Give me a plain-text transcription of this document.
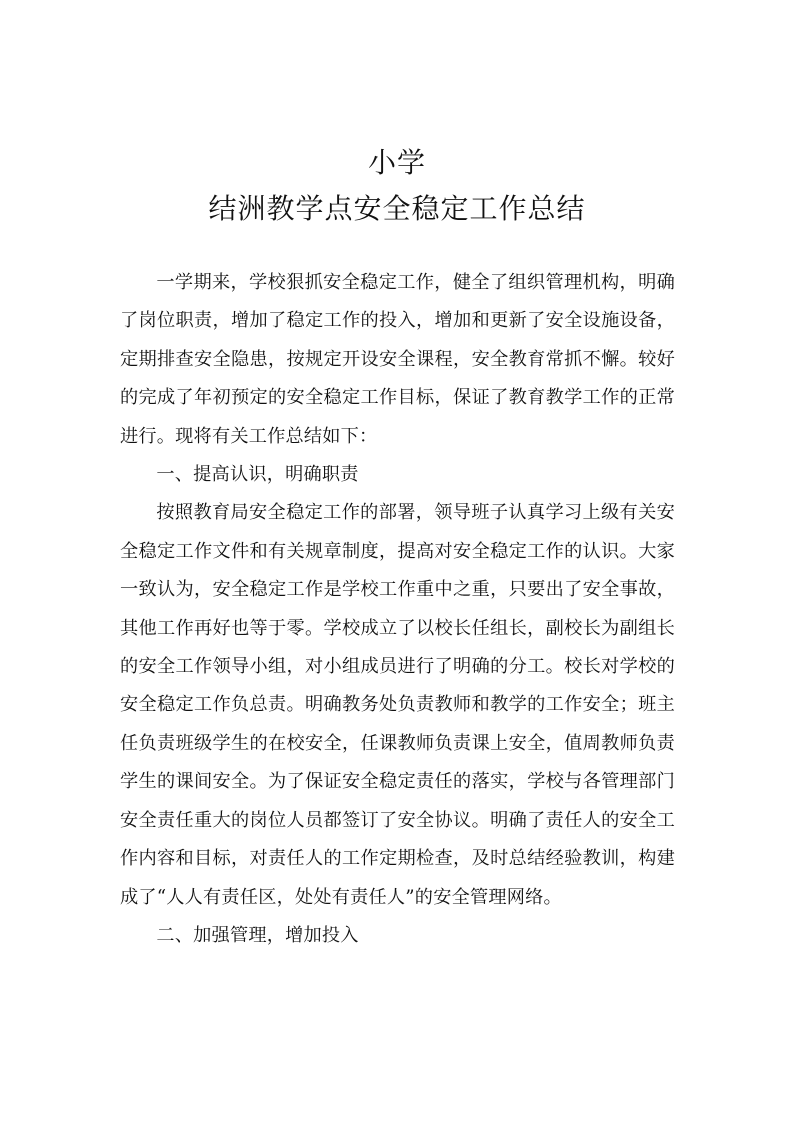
小学
结洲教学点安全稳定工作总结

一学期来，学校狠抓安全稳定工作，健全了组织管理机构，明确了岗位职责，增加了稳定工作的投入，增加和更新了安全设施设备，定期排查安全隐患，按规定开设安全课程，安全教育常抓不懈。较好的完成了年初预定的安全稳定工作目标，保证了教育教学工作的正常进行。现将有关工作总结如下：

一、提高认识，明确职责

按照教育局安全稳定工作的部署，领导班子认真学习上级有关安全稳定工作文件和有关规章制度，提高对安全稳定工作的认识。大家一致认为，安全稳定工作是学校工作重中之重，只要出了安全事故，其他工作再好也等于零。学校成立了以校长任组长，副校长为副组长的安全工作领导小组，对小组成员进行了明确的分工。校长对学校的安全稳定工作负总责。明确教务处负责教师和教学的工作安全；班主任负责班级学生的在校安全，任课教师负责课上安全，值周教师负责学生的课间安全。为了保证安全稳定责任的落实，学校与各管理部门安全责任重大的岗位人员都签订了安全协议。明确了责任人的安全工作内容和目标，对责任人的工作定期检查，及时总结经验教训，构建成了“人人有责任区，处处有责任人”的安全管理网络。

二、加强管理，增加投入
